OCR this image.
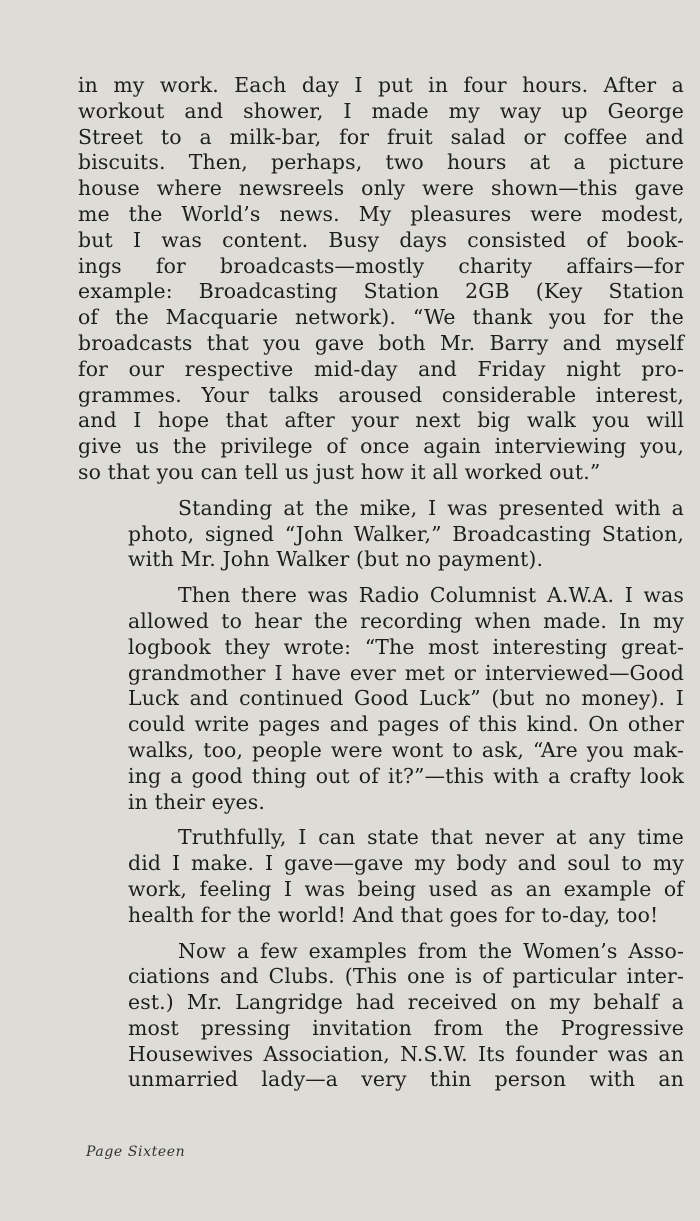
in my work. Each day I put in four hours. After a
workout and shower, I made my way up George
Street to a milk-bar, for fruit salad or coffee and
biscuits. Then, perhaps, two hours at a picture
house where newsreels only were shown—this gave
me the World’s news. My pleasures were modest,
but I was content. Busy days consisted of book-
ings for broadcasts—mostly charity affairs—for
example: Broadcasting Station 2GB (Key Station
of the Macquarie network). “We thank you for the
broadcasts that you gave both Mr. Barry and myself
for our respective mid-day and Friday night pro-
grammes. Your talks aroused considerable interest,
and I hope that after your next big walk you will
give us the privilege of once again interviewing you,
so that you can tell us just how it all worked out.”
Standing at the mike, I was presented with a
photo, signed “John Walker,” Broadcasting Station,
with Mr. John Walker (but no payment).
Then there was Radio Columnist A.W.A. I was
allowed to hear the recording when made. In my
logbook they wrote: “The most interesting great-
grandmother I have ever met or interviewed—Good
Luck and continued Good Luck” (but no money). I
could write pages and pages of this kind. On other
walks, too, people were wont to ask, “Are you mak-
ing a good thing out of it?”—this with a crafty look
in their eyes.
Truthfully, I can state that never at any time
did I make. I gave—gave my body and soul to my
work, feeling I was being used as an example of
health for the world! And that goes for to-day, too!
Now a few examples from the Women’s Asso-
ciations and Clubs. (This one is of particular inter-
est.) Mr. Langridge had received on my behalf a
most pressing invitation from the Progressive
Housewives Association, N.S.W. Its founder was an
unmarried lady—a very thin person with an
Page Sixteen
